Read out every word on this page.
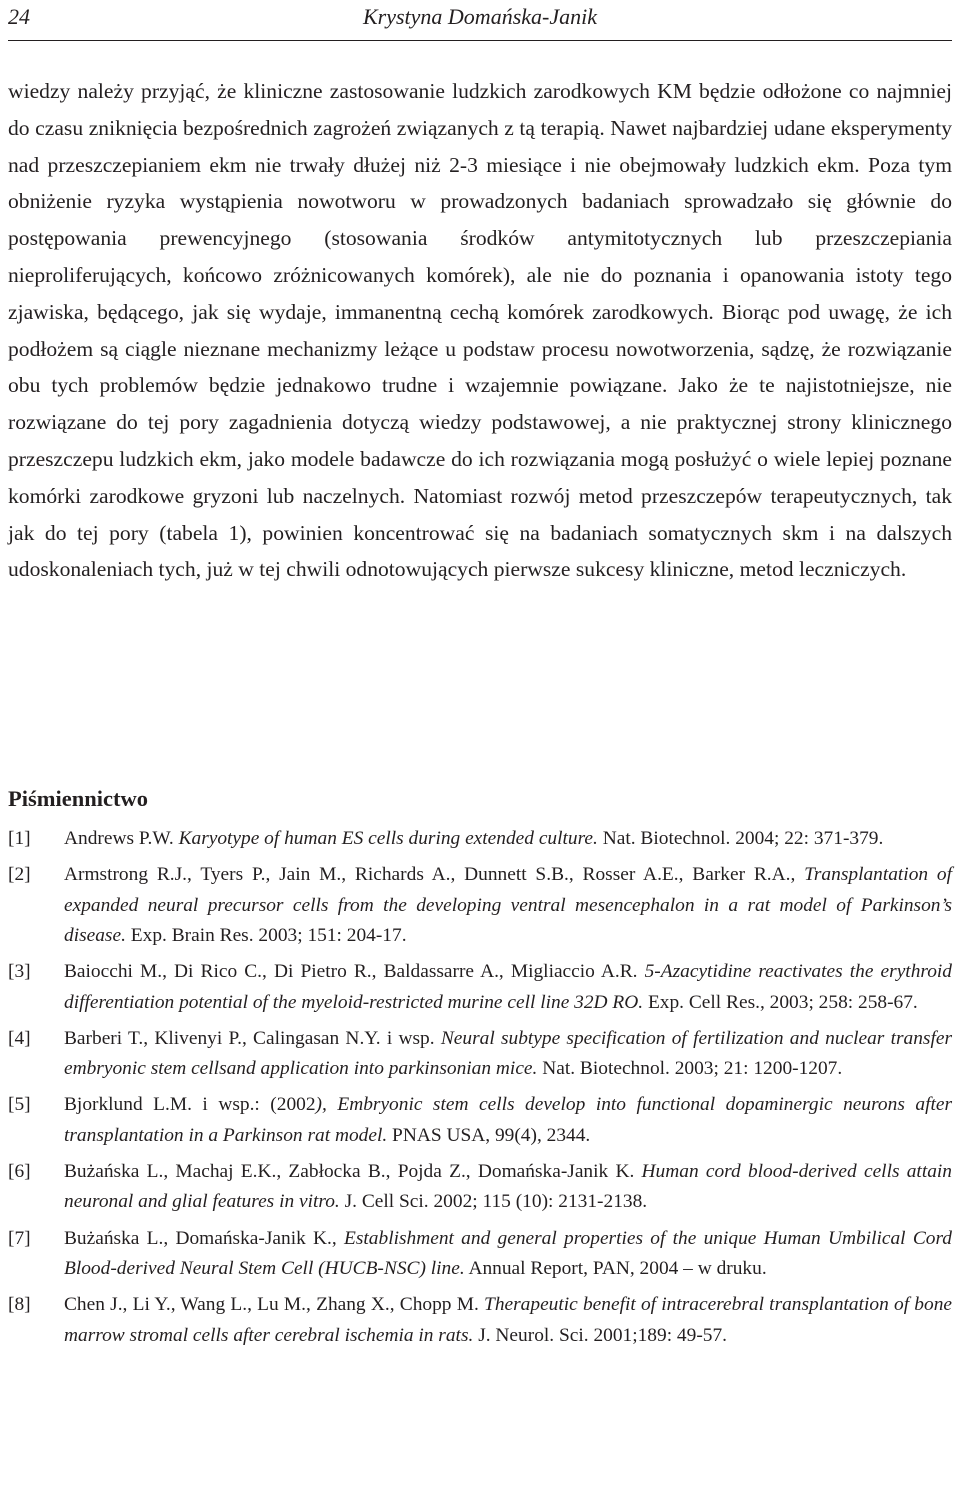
24	Krystyna Domańska-Janik

wiedzy należy przyjąć, że kliniczne zastosowanie ludzkich zarodkowych KM będzie odłożone co najmniej do czasu zniknięcia bezpośrednich zagrożeń związanych z tą terapią. Nawet najbardziej udane eksperymenty nad przeszczepianiem ekm nie trwały dłużej niż 2-3 miesiące i nie obejmowały ludzkich ekm. Poza tym obniżenie ryzyka wystąpienia nowotworu w prowadzonych badaniach sprowadzało się głównie do postępowania prewencyjnego (stosowania środków antymitotycznych lub przeszczepiania nieproliferujących, końcowo zróżnicowanych komórek), ale nie do poznania i opanowania istoty tego zjawiska, będącego, jak się wydaje, immanentną cechą komórek zarodkowych. Biorąc pod uwagę, że ich podłożem są ciągle nieznane mechanizmy leżące u podstaw procesu nowotworzenia, sądzę, że rozwiązanie obu tych problemów będzie jednakowo trudne i wzajemnie powiązane. Jako że te najistotniejsze, nie rozwiązane do tej pory zagadnienia dotyczą wiedzy podstawowej, a nie praktycznej strony klinicznego przeszczepu ludzkich ekm, jako modele badawcze do ich rozwiązania mogą posłużyć o wiele lepiej poznane komórki zarodkowe gryzoni lub naczelnych. Natomiast rozwój metod przeszczepów terapeutycznych, tak jak do tej pory (tabela 1), powinien koncentrować się na badaniach somatycznych skm i na dalszych udoskonaleniach tych, już w tej chwili odnotowujących pierwsze sukcesy kliniczne, metod leczniczych.

Piśmiennictwo
[1]	Andrews P.W. Karyotype of human ES cells during extended culture. Nat. Biotechnol. 2004; 22: 371-379.
[2]	Armstrong R.J., Tyers P., Jain M., Richards A., Dunnett S.B., Rosser A.E., Barker R.A., Transplantation of expanded neural precursor cells from the developing ventral mesencephalon in a rat model of Parkinson’s disease. Exp. Brain Res. 2003; 151: 204-17.
[3]	Baiocchi M., Di Rico C., Di Pietro R., Baldassarre A., Migliaccio A.R. 5-Azacytidine reactivates the erythroid differentiation potential of the myeloid-restricted murine cell line 32D RO. Exp. Cell Res., 2003; 258: 258-67.
[4]	Barberi T., Klivenyi P., Calingasan N.Y. i wsp. Neural subtype specification of fertilization and nuclear transfer embryonic stem cellsand application into parkinsonian mice. Nat. Biotechnol. 2003; 21: 1200-1207.
[5]	Bjorklund L.M. i wsp.: (2002), Embryonic stem cells develop into functional dopaminergic neurons after transplantation in a Parkinson rat model. PNAS USA, 99(4), 2344.
[6]	Bużańska L., Machaj E.K., Zabłocka B., Pojda Z., Domańska-Janik K. Human cord blood-derived cells attain neuronal and glial features in vitro. J. Cell Sci. 2002; 115 (10): 2131-2138.
[7]	Bużańska L., Domańska-Janik K., Establishment and general properties of the unique Human Umbilical Cord Blood-derived Neural Stem Cell (HUCB-NSC) line. Annual Report, PAN, 2004 – w druku.
[8]	Chen J., Li Y., Wang L., Lu M., Zhang X., Chopp M. Therapeutic benefit of intracerebral transplantation of bone marrow stromal cells after cerebral ischemia in rats. J. Neurol. Sci. 2001;189: 49-57.
